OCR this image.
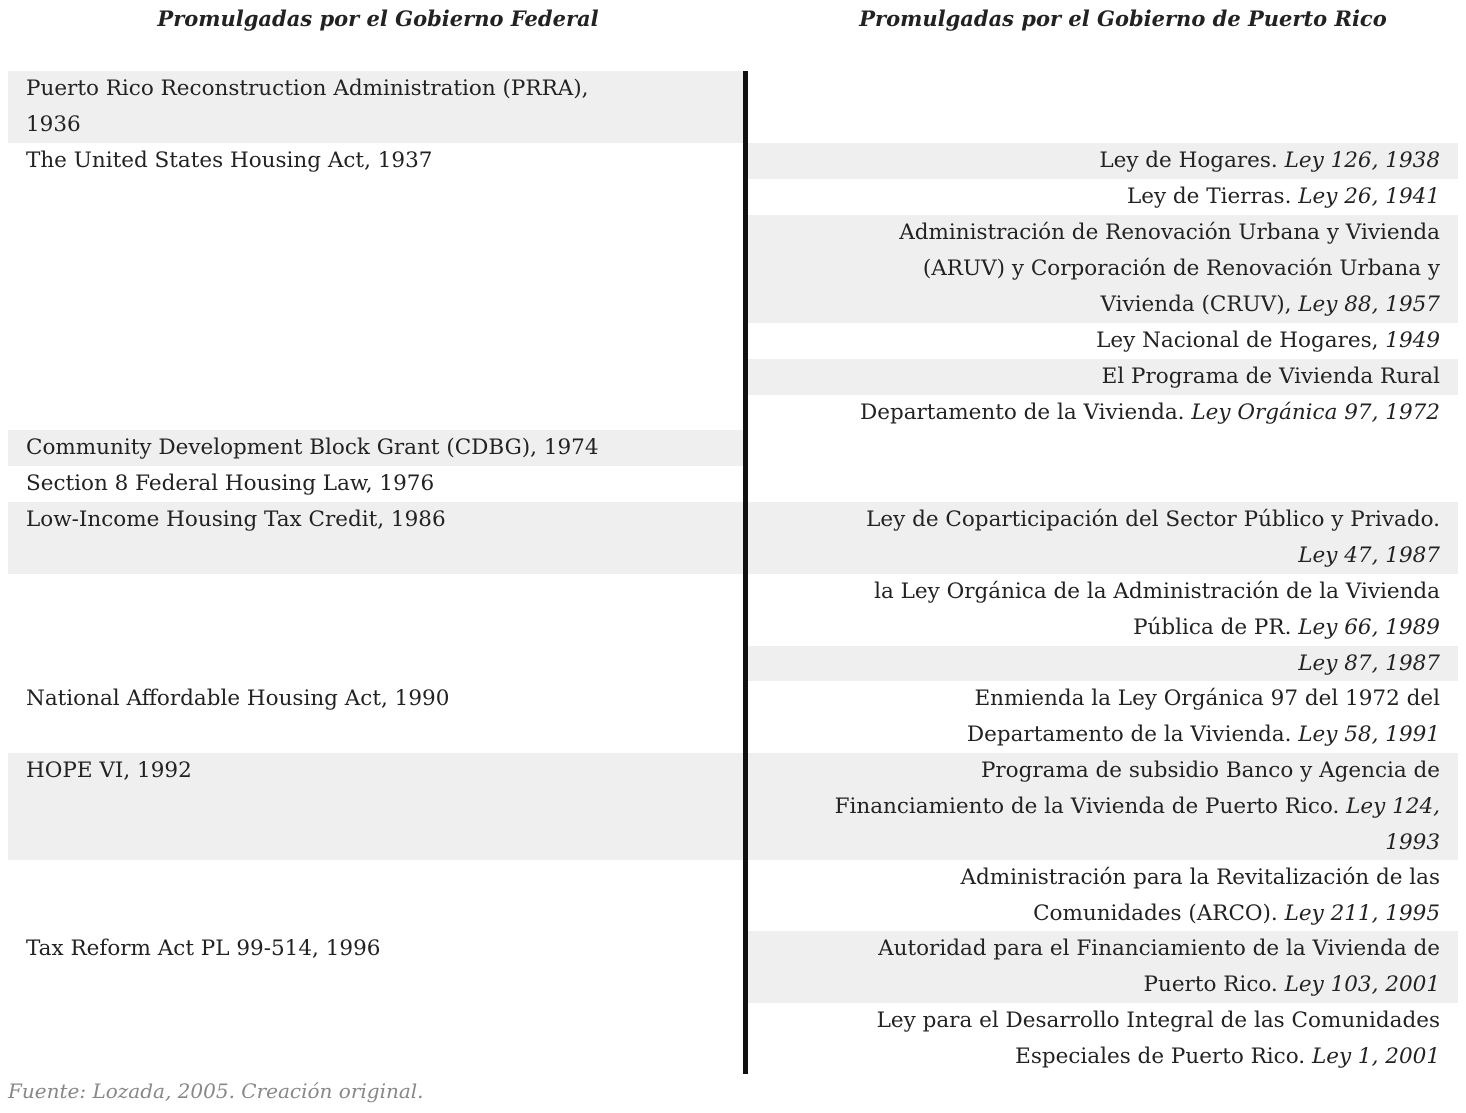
Promulgadas por el Gobierno Federal	Promulgadas por el Gobierno de Puerto Rico
Puerto Rico Reconstruction Administration (PRRA),
1936
The United States Housing Act, 1937
Community Development Block Grant (CDBG), 1974
Section 8 Federal Housing Law, 1976
Low-Income Housing Tax Credit, 1986
National Affordable Housing Act, 1990
HOPE VI, 1992
Tax Reform Act PL 99-514, 1996
Ley de Hogares. Ley 126, 1938
Ley de Tierras. Ley 26, 1941
Administración de Renovación Urbana y Vivienda
(ARUV) y Corporación de Renovación Urbana y
Vivienda (CRUV), Ley 88, 1957
Ley Nacional de Hogares, 1949
El Programa de Vivienda Rural
Departamento de la Vivienda. Ley Orgánica 97, 1972
Ley de Coparticipación del Sector Público y Privado.
Ley 47, 1987
la Ley Orgánica de la Administración de la Vivienda
Pública de PR. Ley 66, 1989
Ley 87, 1987
Enmienda la Ley Orgánica 97 del 1972 del
Departamento de la Vivienda. Ley 58, 1991
Programa de subsidio Banco y Agencia de
Financiamiento de la Vivienda de Puerto Rico. Ley 124,
1993
Administración para la Revitalización de las
Comunidades (ARCO). Ley 211, 1995
Autoridad para el Financiamiento de la Vivienda de
Puerto Rico. Ley 103, 2001
Ley para el Desarrollo Integral de las Comunidades
Especiales de Puerto Rico. Ley 1, 2001
Fuente: Lozada, 2005. Creación original.
